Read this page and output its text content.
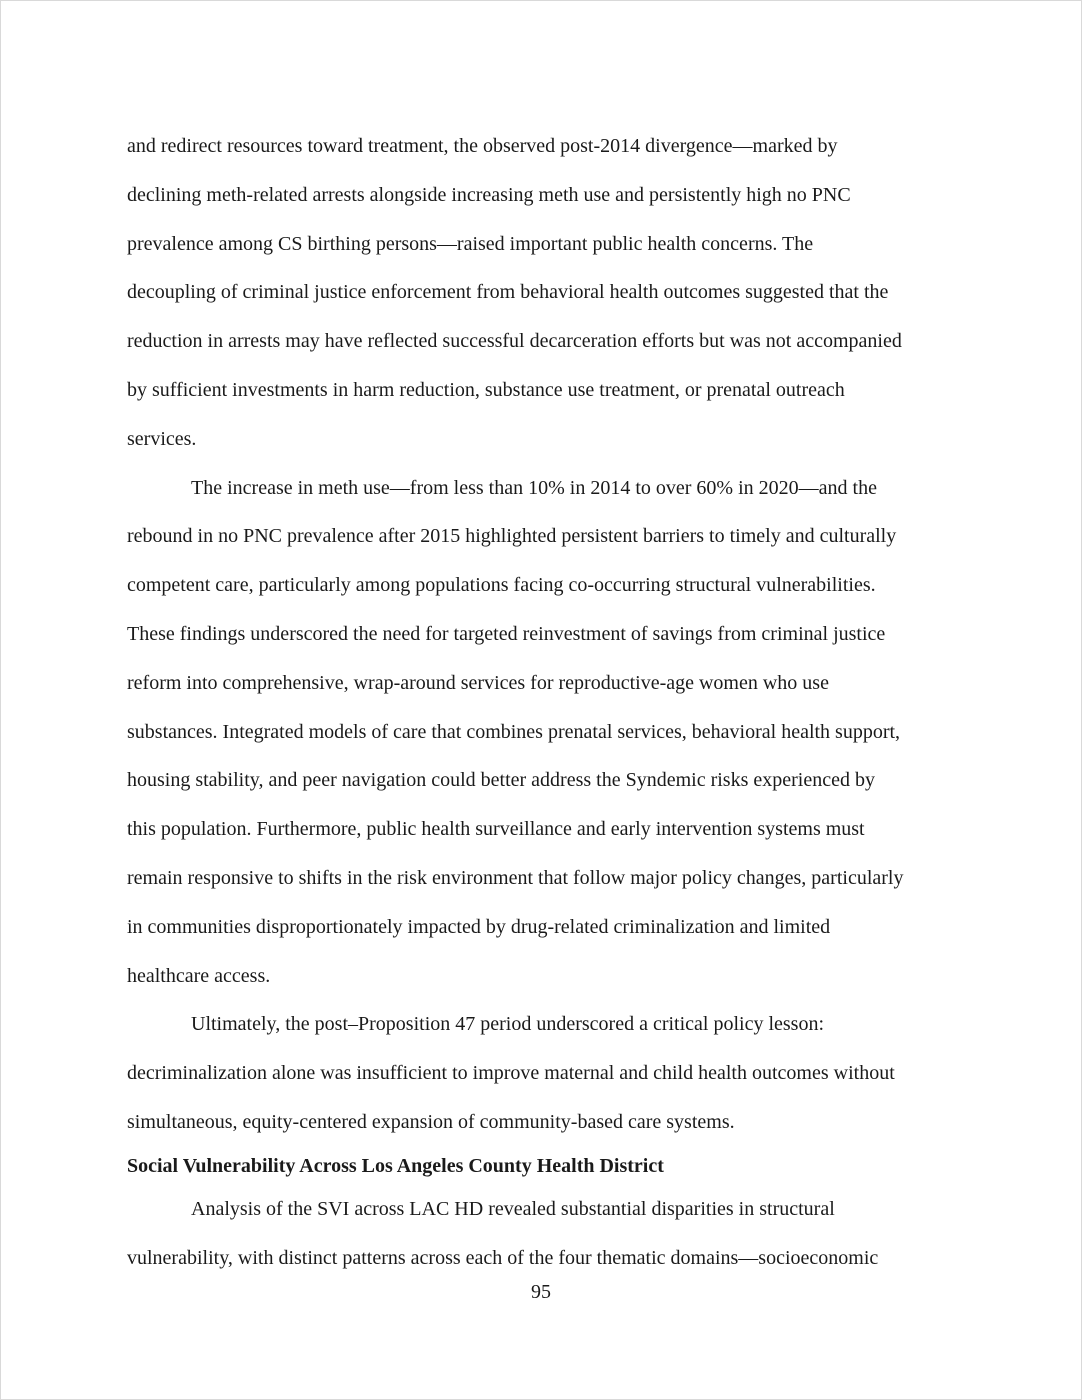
and redirect resources toward treatment, the observed post-2014 divergence—marked by
declining meth-related arrests alongside increasing meth use and persistently high no PNC
prevalence among CS birthing persons—raised important public health concerns. The
decoupling of criminal justice enforcement from behavioral health outcomes suggested that the
reduction in arrests may have reflected successful decarceration efforts but was not accompanied
by sufficient investments in harm reduction, substance use treatment, or prenatal outreach
services.
The increase in meth use—from less than 10% in 2014 to over 60% in 2020—and the
rebound in no PNC prevalence after 2015 highlighted persistent barriers to timely and culturally
competent care, particularly among populations facing co-occurring structural vulnerabilities.
These findings underscored the need for targeted reinvestment of savings from criminal justice
reform into comprehensive, wrap-around services for reproductive-age women who use
substances. Integrated models of care that combines prenatal services, behavioral health support,
housing stability, and peer navigation could better address the Syndemic risks experienced by
this population. Furthermore, public health surveillance and early intervention systems must
remain responsive to shifts in the risk environment that follow major policy changes, particularly
in communities disproportionately impacted by drug-related criminalization and limited
healthcare access.
Ultimately, the post–Proposition 47 period underscored a critical policy lesson:
decriminalization alone was insufficient to improve maternal and child health outcomes without
simultaneous, equity-centered expansion of community-based care systems.
Social Vulnerability Across Los Angeles County Health District
Analysis of the SVI across LAC HD revealed substantial disparities in structural
vulnerability, with distinct patterns across each of the four thematic domains—socioeconomic
95
